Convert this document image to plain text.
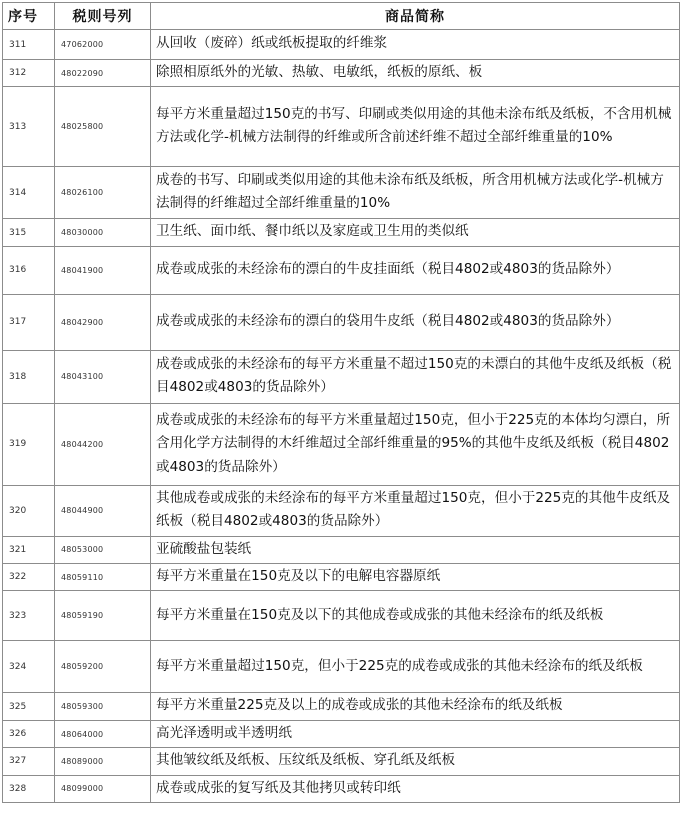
序号	税则号列	商品简称
311	47062000	从回收（废碎）纸或纸板提取的纤维浆
312	48022090	除照相原纸外的光敏、热敏、电敏纸，纸板的原纸、板
313	48025800	每平方米重量超过150克的书写、印刷或类似用途的其他未涂布纸及纸板，不含用机械方法或化学-机械方法制得的纤维或所含前述纤维不超过全部纤维重量的10%
314	48026100	成卷的书写、印刷或类似用途的其他未涂布纸及纸板，所含用机械方法或化学-机械方法制得的纤维超过全部纤维重量的10%
315	48030000	卫生纸、面巾纸、餐巾纸以及家庭或卫生用的类似纸
316	48041900	成卷或成张的未经涂布的漂白的牛皮挂面纸（税目4802或4803的货品除外）
317	48042900	成卷或成张的未经涂布的漂白的袋用牛皮纸（税目4802或4803的货品除外）
318	48043100	成卷或成张的未经涂布的每平方米重量不超过150克的未漂白的其他牛皮纸及纸板（税目4802或4803的货品除外）
319	48044200	成卷或成张的未经涂布的每平方米重量超过150克，但小于225克的本体均匀漂白，所含用化学方法制得的木纤维超过全部纤维重量的95%的其他牛皮纸及纸板（税目4802或4803的货品除外）
320	48044900	其他成卷或成张的未经涂布的每平方米重量超过150克，但小于225克的其他牛皮纸及纸板（税目4802或4803的货品除外）
321	48053000	亚硫酸盐包装纸
322	48059110	每平方米重量在150克及以下的电解电容器原纸
323	48059190	每平方米重量在150克及以下的其他成卷或成张的其他未经涂布的纸及纸板
324	48059200	每平方米重量超过150克，但小于225克的成卷或成张的其他未经涂布的纸及纸板
325	48059300	每平方米重量225克及以上的成卷或成张的其他未经涂布的纸及纸板
326	48064000	高光泽透明或半透明纸
327	48089000	其他皱纹纸及纸板、压纹纸及纸板、穿孔纸及纸板
328	48099000	成卷或成张的复写纸及其他拷贝或转印纸
